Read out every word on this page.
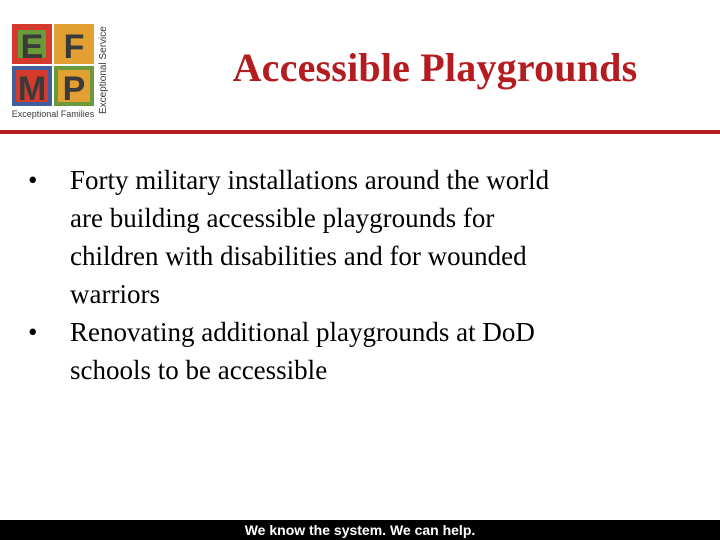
E F
M P
Exceptional Families Exceptional Service	Accessible Playgrounds
•	Forty military installations around the world
are building accessible playgrounds for
children with disabilities and for wounded
warriors
•	Renovating additional playgrounds at DoD
schools to be accessible
We know the system. We can help.
